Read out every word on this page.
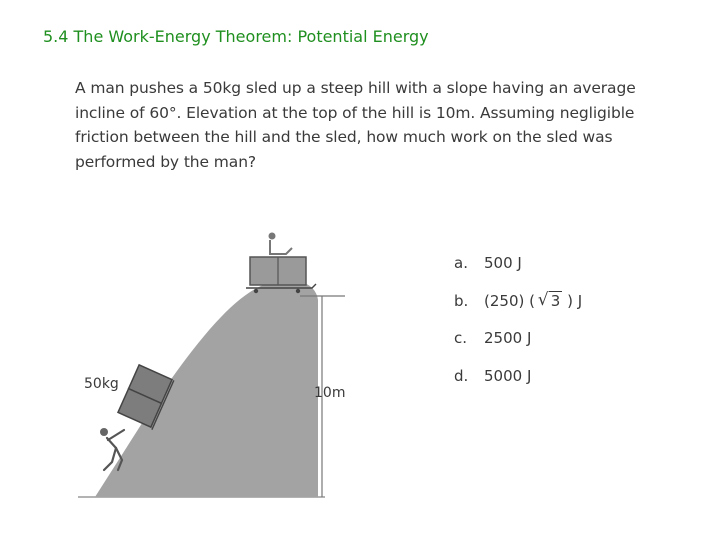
5.4 The Work-Energy Theorem: Potential Energy
A man pushes a 50kg sled up a steep hill with a slope having an average
incline of 60°. Elevation at the top of the hill is 10m. Assuming negligible
friction between the hill and the sled, how much work on the sled was
performed by the man?
10m
50kg
a. 500 J
b. (250) ( √ 3 ) J
c. 2500 J
d. 5000 J
